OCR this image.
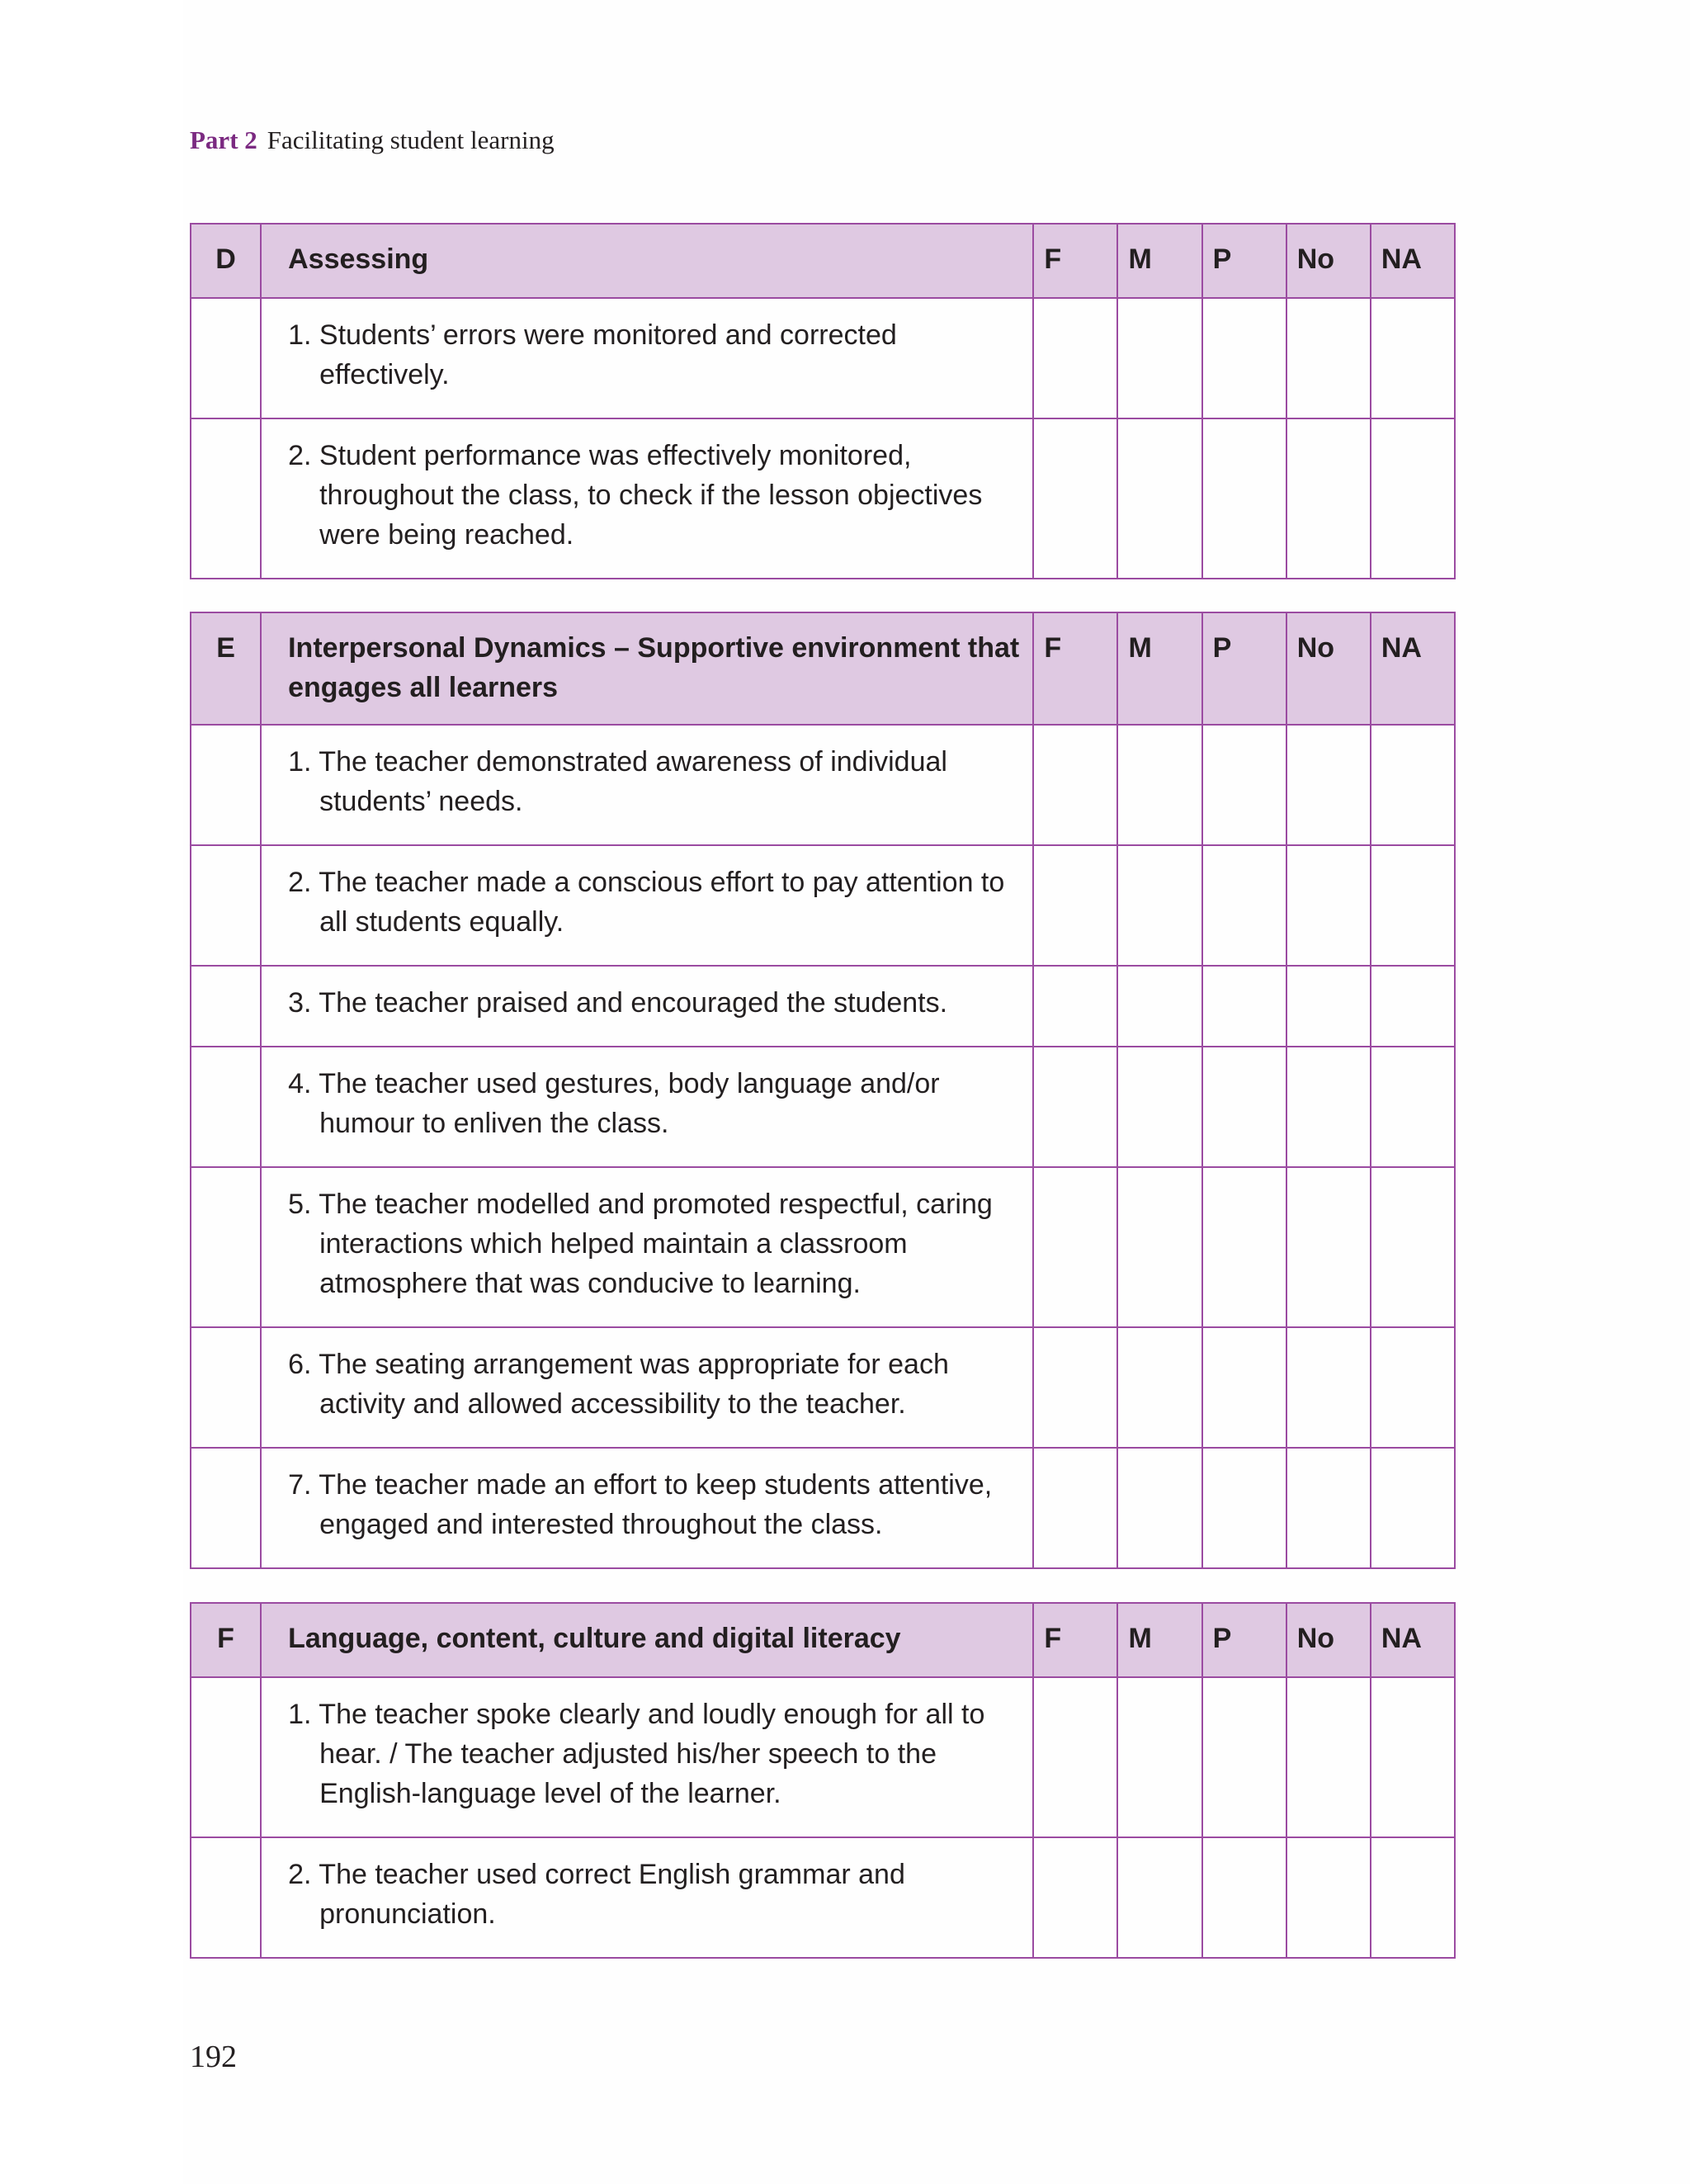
Part 2 Facilitating student learning
D	Assessing	F	M	P	No	NA
	1. Students’ errors were monitored and corrected effectively.					
	2. Student performance was effectively monitored, throughout the class, to check if the lesson objectives were being reached.					
E	Interpersonal Dynamics – Supportive environment that engages all learners	F	M	P	No	NA
	1. The teacher demonstrated awareness of individual students’ needs.					
	2. The teacher made a conscious effort to pay attention to all students equally.					
	3. The teacher praised and encouraged the students.					
	4. The teacher used gestures, body language and/or humour to enliven the class.					
	5. The teacher modelled and promoted respectful, caring interactions which helped maintain a classroom atmosphere that was conducive to learning.					
	6. The seating arrangement was appropriate for each activity and allowed accessibility to the teacher.					
	7. The teacher made an effort to keep students attentive, engaged and interested throughout the class.					
F	Language, content, culture and digital literacy	F	M	P	No	NA
	1. The teacher spoke clearly and loudly enough for all to hear. / The teacher adjusted his/her speech to the English-language level of the learner.					
	2. The teacher used correct English grammar and pronunciation.					
192
